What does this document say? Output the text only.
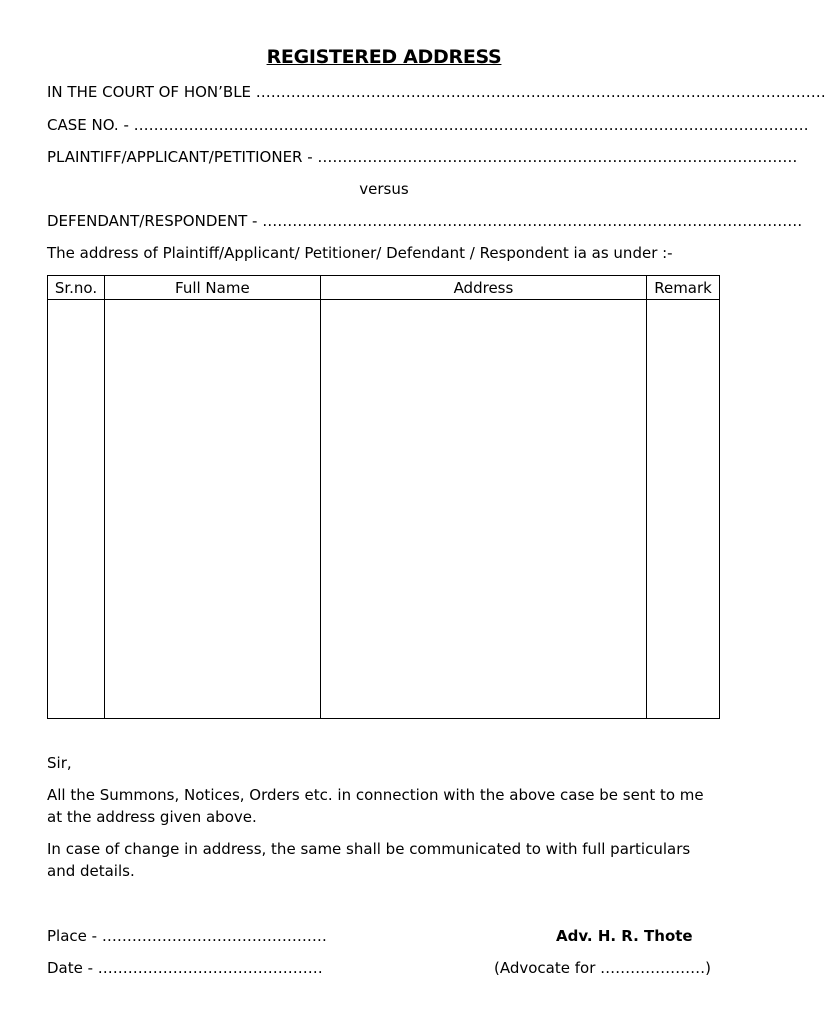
REGISTERED ADDRESS
IN THE COURT OF HON’BLE ……………………………………………………………………………………………………
CASE NO. - ………………………………………………………………………………………………………………………
PLAINTIFF/APPLICANT/PETITIONER - ……………………………………………………………………………………
versus
DEFENDANT/RESPONDENT - ………………………………………………………………………………………………
The address of Plaintiff/Applicant/ Petitioner/ Defendant / Respondent ia as under :-
Sr.no.	Full Name	Address	Remark

Sir,
All the Summons, Notices, Orders etc. in connection with the above case be sent to me at the address given above.
In case of change in address, the same shall be communicated to with full particulars and details.
Place - ………………………………………
Date - ………………………………………
Adv. H. R. Thote
(Advocate for …………………)
